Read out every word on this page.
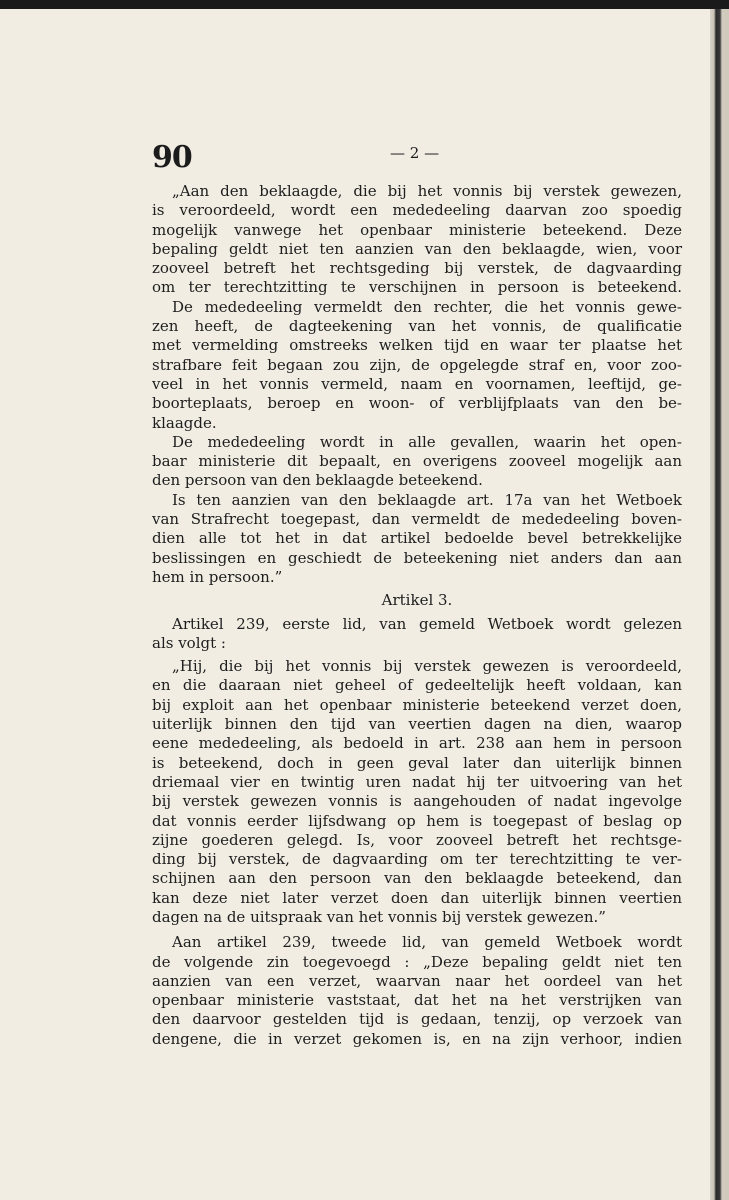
90	— 2 —
„Aan den beklaagde, die bij het vonnis bij verstek gewezen,
is veroordeeld, wordt een mededeeling daarvan zoo spoedig
mogelijk vanwege het openbaar ministerie beteekend. Deze
bepaling geldt niet ten aanzien van den beklaagde, wien, voor
zooveel betreft het rechtsgeding bij verstek, de dagvaarding
om ter terechtzitting te verschijnen in persoon is beteekend.
De mededeeling vermeldt den rechter, die het vonnis gewe-
zen heeft, de dagteekening van het vonnis, de qualificatie
met vermelding omstreeks welken tijd en waar ter plaatse het
strafbare feit begaan zou zijn, de opgelegde straf en, voor zoo-
veel in het vonnis vermeld, naam en voornamen, leeftijd, ge-
boorteplaats, beroep en woon- of verblijfplaats van den be-
klaagde.
De mededeeling wordt in alle gevallen, waarin het open-
baar ministerie dit bepaalt, en overigens zooveel mogelijk aan
den persoon van den beklaagde beteekend.
Is ten aanzien van den beklaagde art. 17a van het Wetboek
van Strafrecht toegepast, dan vermeldt de mededeeling boven-
dien alle tot het in dat artikel bedoelde bevel betrekkelijke
beslissingen en geschiedt de beteekening niet anders dan aan
hem in persoon.”
Artikel 3.
Artikel 239, eerste lid, van gemeld Wetboek wordt gelezen
als volgt :
„Hij, die bij het vonnis bij verstek gewezen is veroordeeld,
en die daaraan niet geheel of gedeeltelijk heeft voldaan, kan
bij exploit aan het openbaar ministerie beteekend verzet doen,
uiterlijk binnen den tijd van veertien dagen na dien, waarop
eene mededeeling, als bedoeld in art. 238 aan hem in persoon
is beteekend, doch in geen geval later dan uiterlijk binnen
driemaal vier en twintig uren nadat hij ter uitvoering van het
bij verstek gewezen vonnis is aangehouden of nadat ingevolge
dat vonnis eerder lijfsdwang op hem is toegepast of beslag op
zijne goederen gelegd. Is, voor zooveel betreft het rechtsge-
ding bij verstek, de dagvaarding om ter terechtzitting te ver-
schijnen aan den persoon van den beklaagde beteekend, dan
kan deze niet later verzet doen dan uiterlijk binnen veertien
dagen na de uitspraak van het vonnis bij verstek gewezen.”
Aan artikel 239, tweede lid, van gemeld Wetboek wordt
de volgende zin toegevoegd : „Deze bepaling geldt niet ten
aanzien van een verzet, waarvan naar het oordeel van het
openbaar ministerie vaststaat, dat het na het verstrijken van
den daarvoor gestelden tijd is gedaan, tenzij, op verzoek van
dengene, die in verzet gekomen is, en na zijn verhoor, indien
